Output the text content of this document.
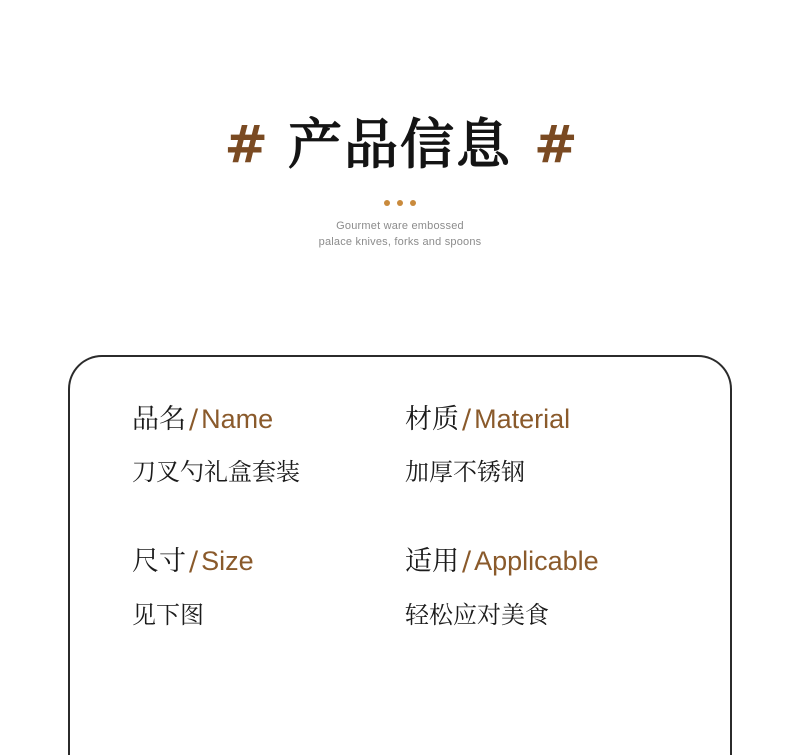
# 产品信息 #
Gourmet ware embossed
palace knives, forks and spoons
品名 / Name
刀叉勺礼盒套装
材质 / Material
加厚不锈钢
尺寸 / Size
见下图
适用 / Applicable
轻松应对美食
